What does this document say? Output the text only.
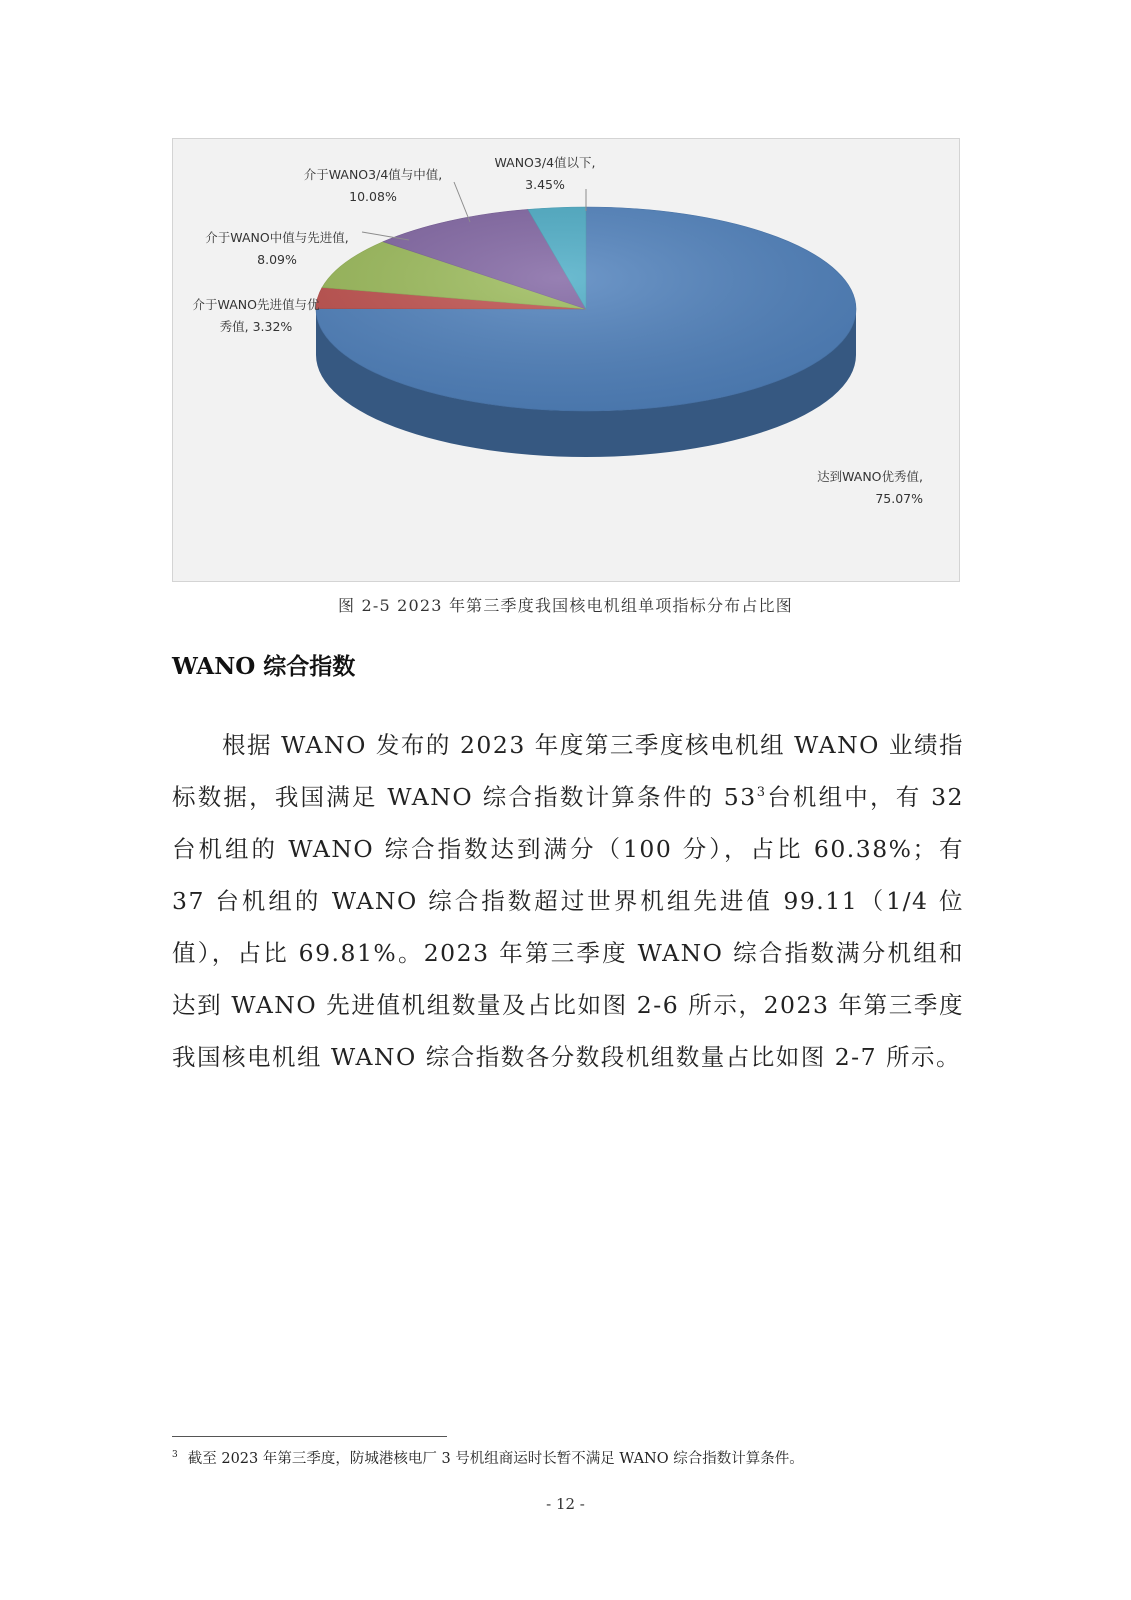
达到WANO优秀值, 75.07%
介于WANO先进值与优秀值, 3.32%
介于WANO中值与先进值, 8.09%
介于WANO3/4值与中值, 10.08%
WANO3/4值以下, 3.45%
图 2-5 2023 年第三季度我国核电机组单项指标分布占比图
WANO 综合指数

根据 WANO 发布的 2023 年度第三季度核电机组 WANO 业绩指标数据，我国满足 WANO 综合指数计算条件的 $53^3$台机组中，有 32 台机组的 WANO 综合指数达到满分（100 分），占比 60.38%；有 37 台机组的 WANO 综合指数超过世界机组先进值 99.11（1/4 位值），占比 69.81%。2023 年第三季度 WANO 综合指数满分机组和达到 WANO 先进值机组数量及占比如图 2-6 所示，2023 年第三季度我国核电机组 WANO 综合指数各分数段机组数量占比如图 2-7 所示。

$^3$ 截至 2023 年第三季度，防城港核电厂 3 号机组商运时长暂不满足 WANO 综合指数计算条件。
- 12 -
